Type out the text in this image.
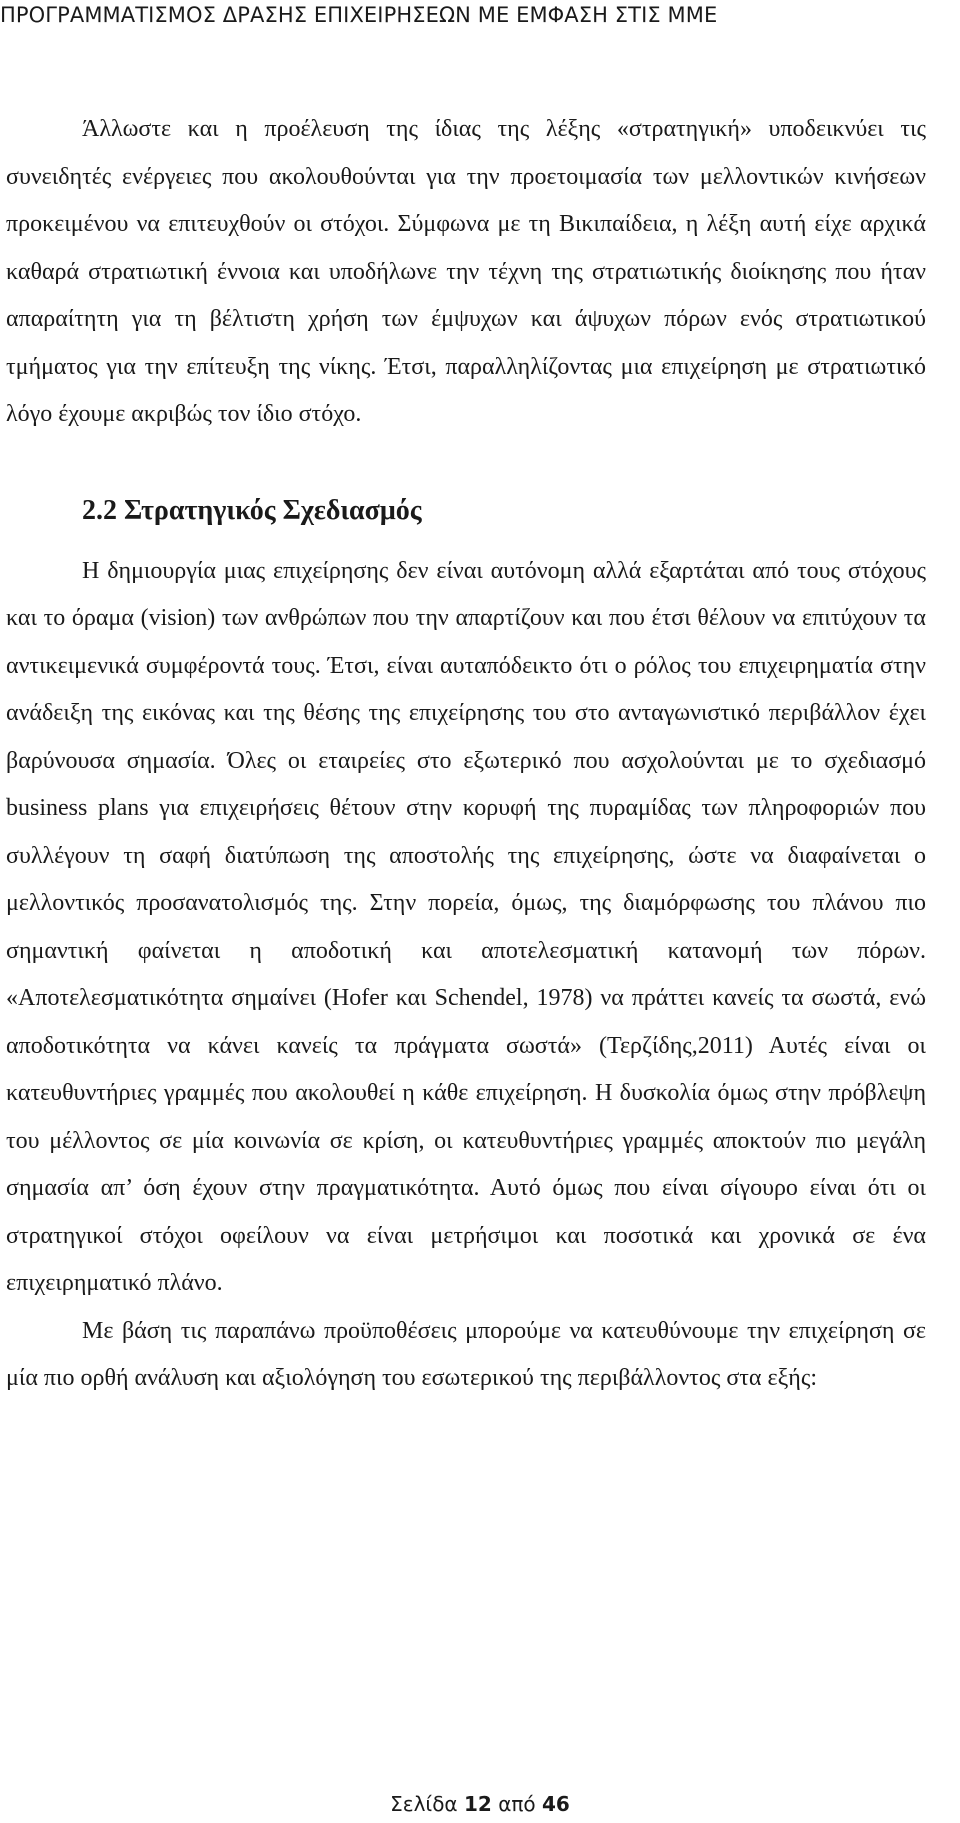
ΠΡΟΓΡΑΜΜΑΤΙΣΜΟΣ ΔΡΑΣΗΣ ΕΠΙΧΕΙΡΗΣΕΩΝ ΜΕ ΕΜΦΑΣΗ ΣΤΙΣ ΜΜΕ

Άλλωστε και η προέλευση της ίδιας της λέξης «στρατηγική» υποδεικνύει τις συνειδητές ενέργειες που ακολουθούνται για την προετοιμασία των μελλοντικών κινήσεων προκειμένου να επιτευχθούν οι στόχοι. Σύμφωνα με τη Βικιπαίδεια, η λέξη αυτή είχε αρχικά καθαρά στρατιωτική έννοια και υποδήλωνε την τέχνη της στρατιωτικής διοίκησης που ήταν απαραίτητη για τη βέλτιστη χρήση των έμψυχων και άψυχων πόρων ενός στρατιωτικού τμήματος για την επίτευξη της νίκης. Έτσι, παραλληλίζοντας μια επιχείρηση με στρατιωτικό λόγο έχουμε ακριβώς τον ίδιο στόχο.

2.2 Στρατηγικός Σχεδιασμός

Η δημιουργία μιας επιχείρησης δεν είναι αυτόνομη αλλά εξαρτάται από τους στόχους και το όραμα (vision) των ανθρώπων που την απαρτίζουν και που έτσι θέλουν να επιτύχουν τα αντικειμενικά συμφέροντά τους. Έτσι, είναι αυταπόδεικτο ότι ο ρόλος του επιχειρηματία στην ανάδειξη της εικόνας και της θέσης της επιχείρησης του στο ανταγωνιστικό περιβάλλον έχει βαρύνουσα σημασία. Όλες οι εταιρείες στο εξωτερικό που ασχολούνται με το σχεδιασμό business plans για επιχειρήσεις θέτουν στην κορυφή της πυραμίδας των πληροφοριών που συλλέγουν τη σαφή διατύπωση της αποστολής της επιχείρησης, ώστε να διαφαίνεται ο μελλοντικός προσανατολισμός της. Στην πορεία, όμως, της διαμόρφωσης του πλάνου πιο σημαντική φαίνεται η αποδοτική και αποτελεσματική κατανομή των πόρων. «Αποτελεσματικότητα σημαίνει (Hofer και Schendel, 1978) να πράττει κανείς τα σωστά, ενώ αποδοτικότητα να κάνει κανείς τα πράγματα σωστά» (Τερζίδης,2011) Αυτές είναι οι κατευθυντήριες γραμμές που ακολουθεί η κάθε επιχείρηση. Η δυσκολία όμως στην πρόβλεψη του μέλλοντος σε μία κοινωνία σε κρίση, οι κατευθυντήριες γραμμές αποκτούν πιο μεγάλη σημασία απ’ όση έχουν στην πραγματικότητα. Αυτό όμως που είναι σίγουρο είναι ότι οι στρατηγικοί στόχοι οφείλουν να είναι μετρήσιμοι και ποσοτικά και χρονικά σε ένα επιχειρηματικό πλάνο.

Με βάση τις παραπάνω προϋποθέσεις μπορούμε να κατευθύνουμε την επιχείρηση σε μία πιο ορθή ανάλυση και αξιολόγηση του εσωτερικού της περιβάλλοντος στα εξής:

Σελίδα 12 από 46
